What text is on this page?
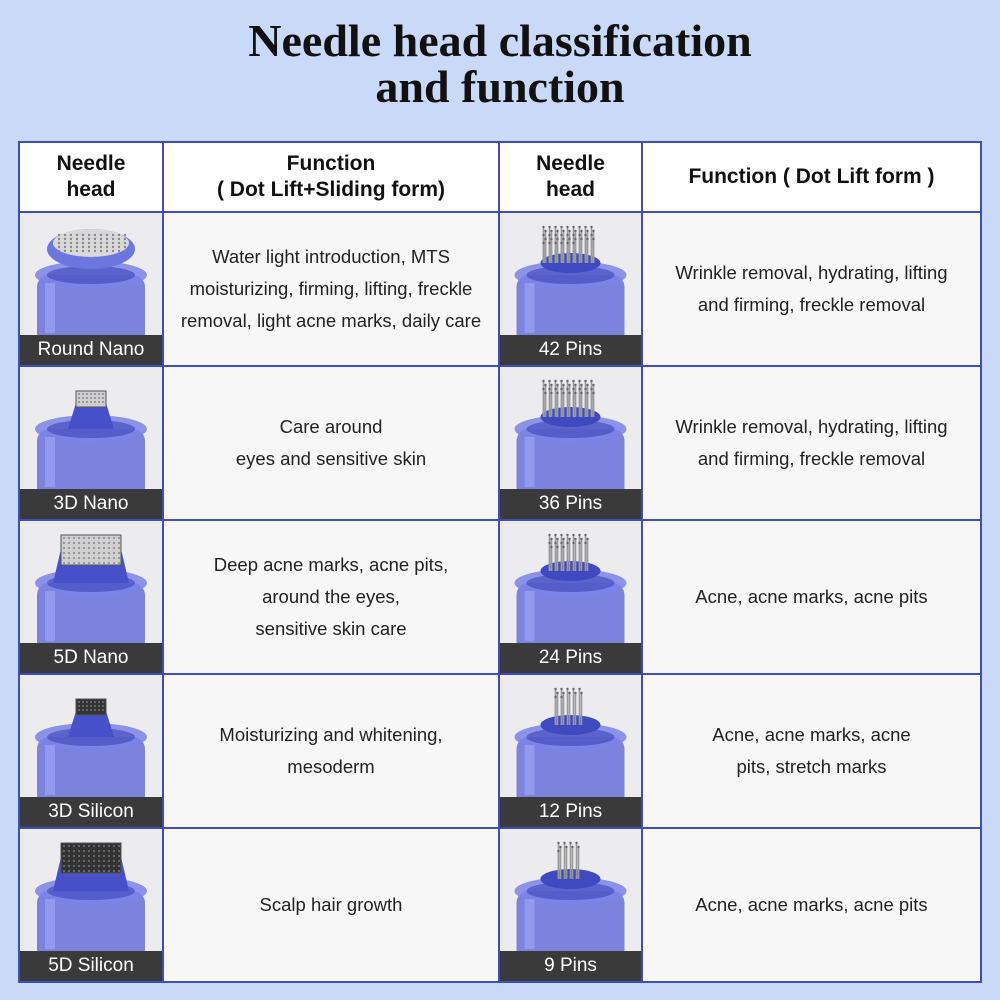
Needle head classification
and function
Needle
head	Function
( Dot Lift+Sliding form)	Needle
head	Function ( Dot Lift form )

Round Nano	Water light introduction, MTS
moisturizing, firming, lifting, freckle
removal, light acne marks, daily care	42 Pins	Wrinkle removal, hydrating, lifting
and firming, freckle removal

3D Nano	Care around
eyes and sensitive skin	36 Pins	Wrinkle removal, hydrating, lifting
and firming, freckle removal

5D Nano	Deep acne marks, acne pits,
around the eyes,
sensitive skin care	24 Pins	Acne, acne marks, acne pits

3D Silicon	Moisturizing and whitening,
mesoderm	12 Pins	Acne, acne marks, acne
pits, stretch marks

5D Silicon	Scalp hair growth	9 Pins	Acne, acne marks, acne pits
